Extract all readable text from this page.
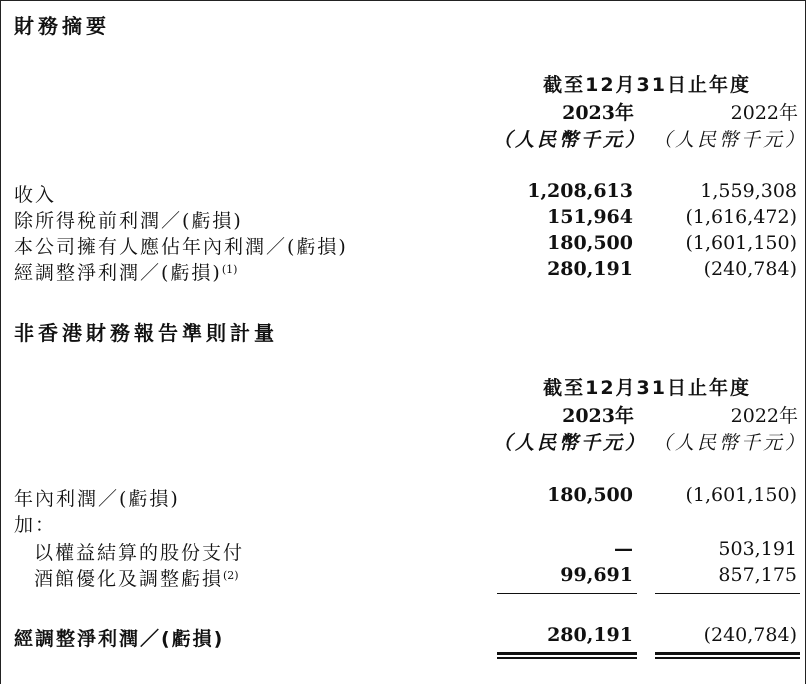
財務摘要
截至12月31日止年度
2023年	2022年
（人民幣千元） （人民幣千元）
收入	1,208,613	1,559,308
除所得稅前利潤／(虧損)	151,964	(1,616,472)
本公司擁有人應佔年內利潤／(虧損)	180,500	(1,601,150)
經調整淨利潤／(虧損)$^{(1)}$	280,191	(240,784)
非香港財務報告準則計量
截至12月31日止年度
2023年	2022年
（人民幣千元） （人民幣千元）
年內利潤／(虧損)	180,500	(1,601,150)
加：
以權益結算的股份支付	—	503,191
酒館優化及調整虧損$^{(2)}$	99,691	857,175
經調整淨利潤／(虧損)	280,191	(240,784)
